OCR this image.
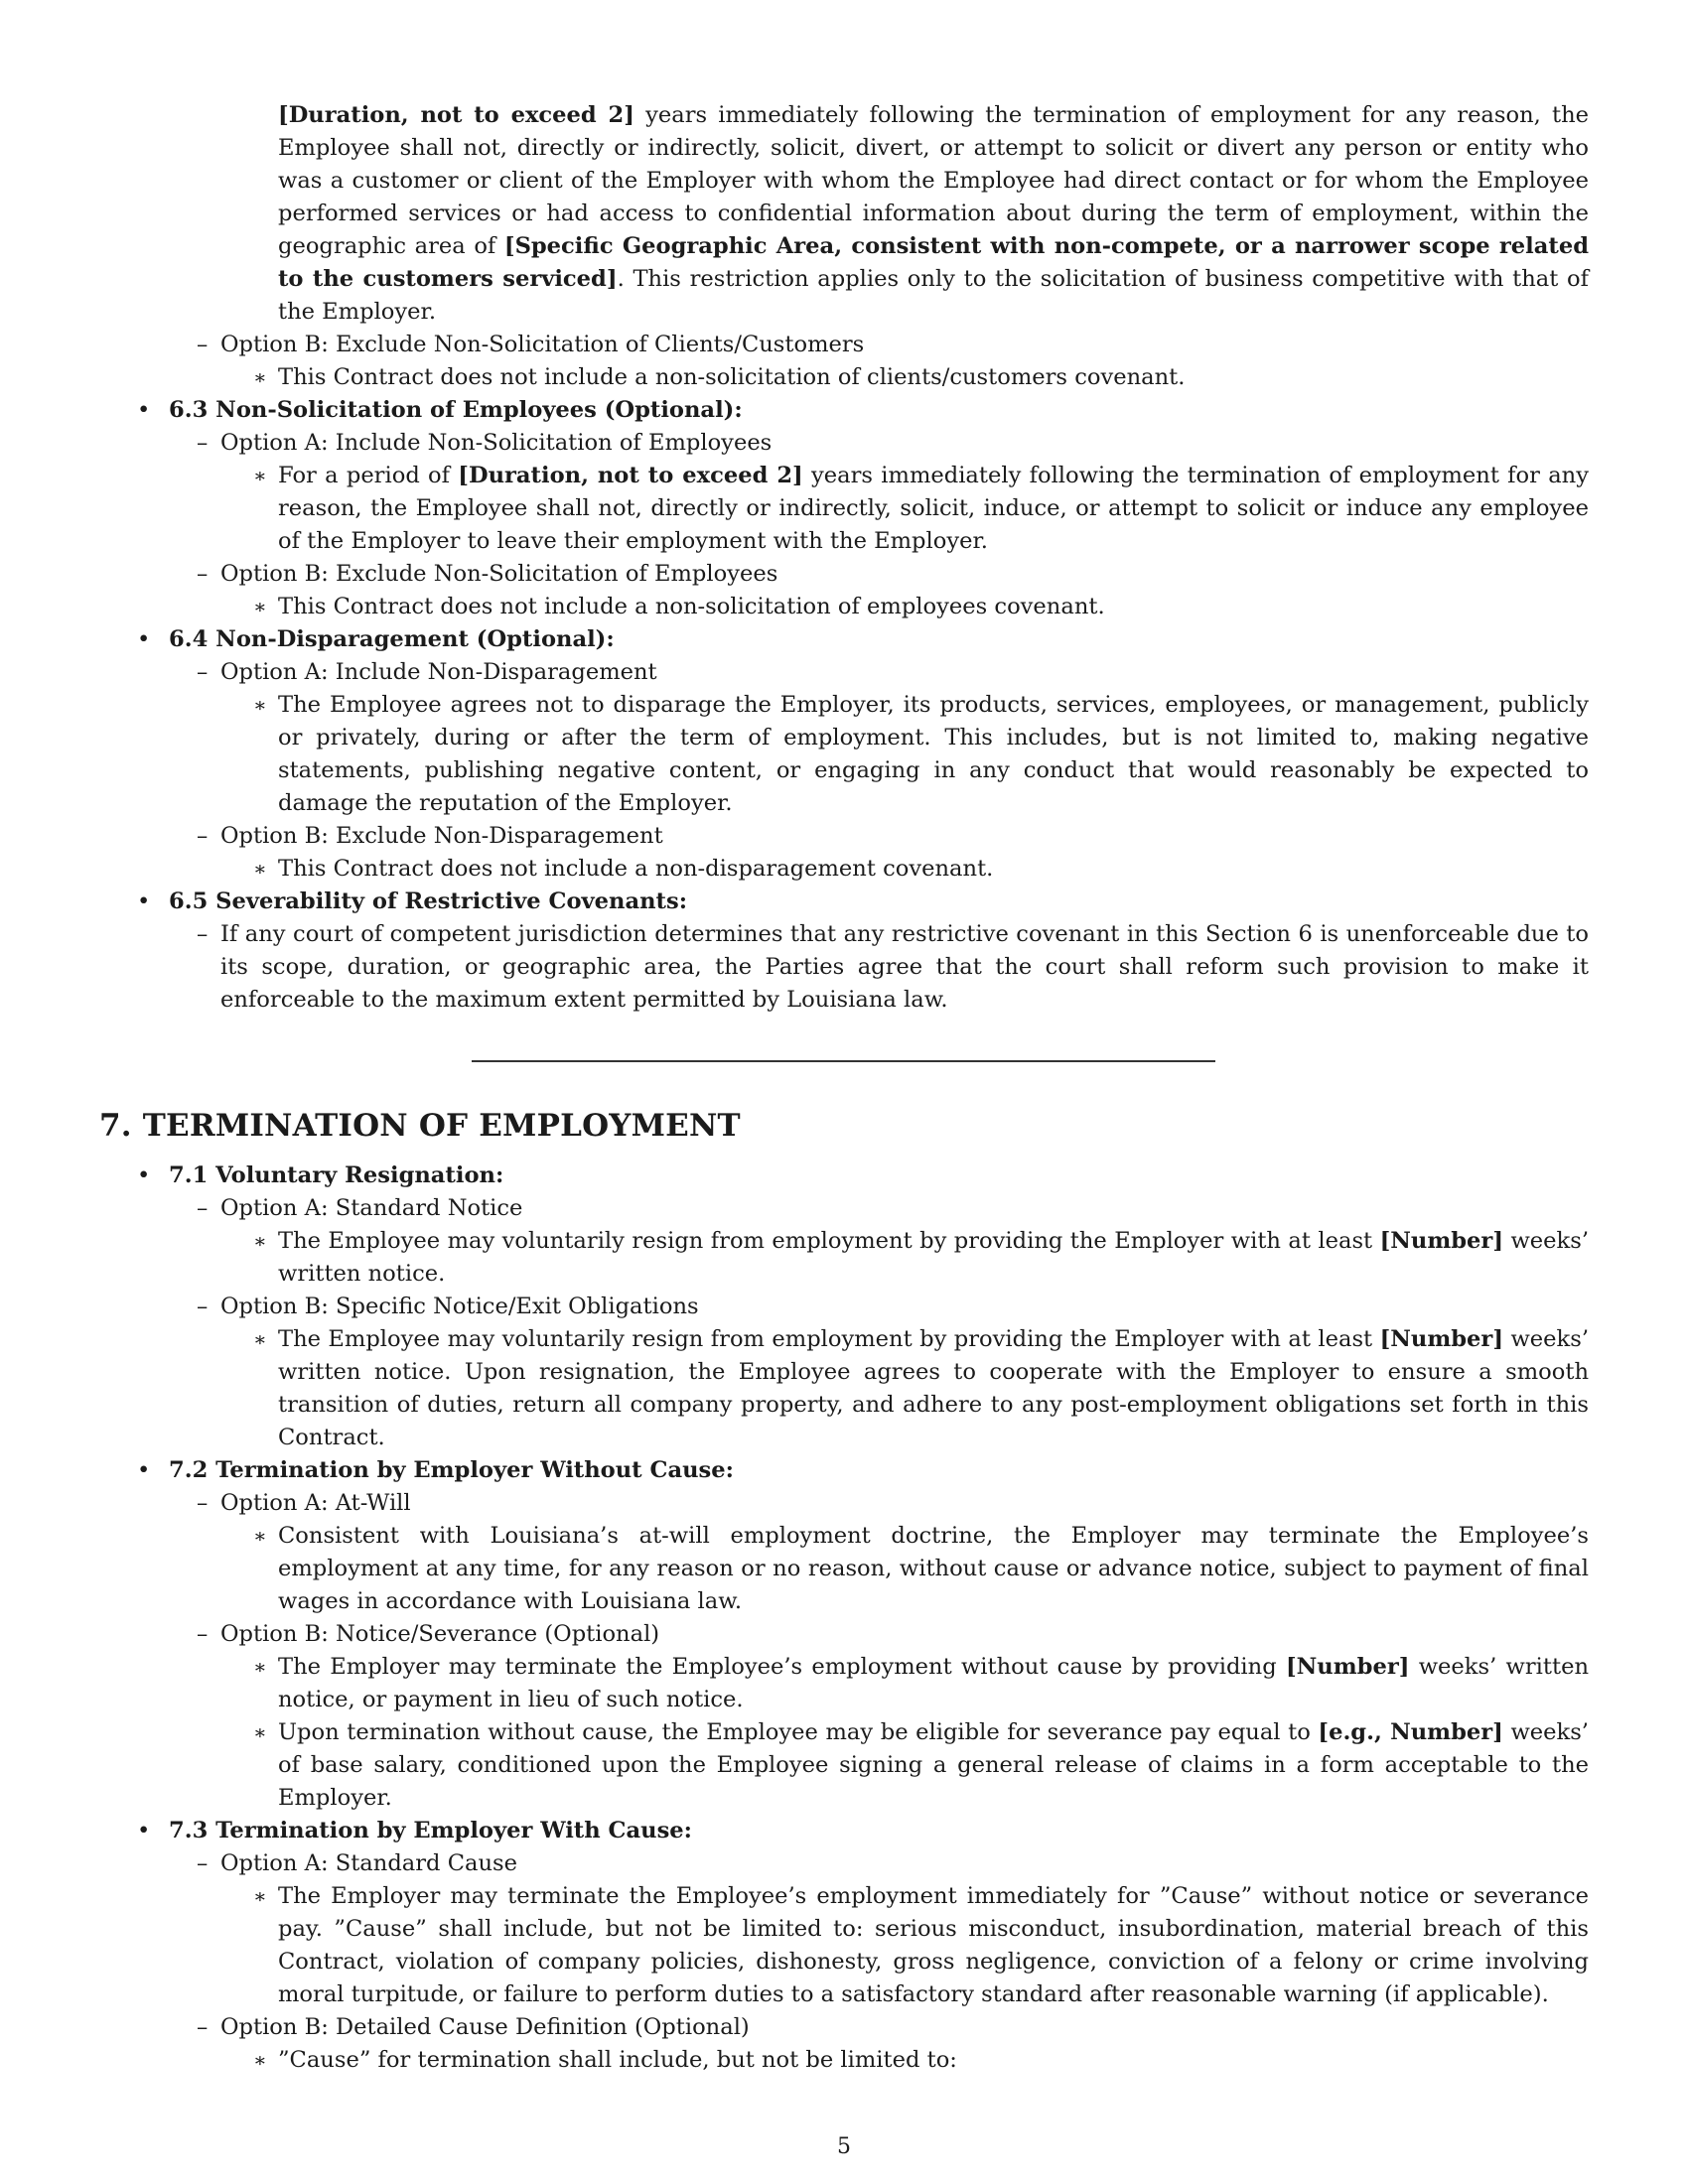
[Duration, not to exceed 2] years immediately following the termination of employment for any reason, the Employee shall not, directly or indirectly, solicit, divert, or attempt to solicit or divert any person or entity who was a customer or client of the Employer with whom the Employee had direct contact or for whom the Employee performed services or had access to confidential information about during the term of employment, within the geographic area of [Specific Geographic Area, consistent with non-compete, or a narrower scope related to the customers serviced]. This restriction applies only to the solicitation of business competitive with that of the Employer.
– Option B: Exclude Non-Solicitation of Clients/Customers
∗ This Contract does not include a non-solicitation of clients/customers covenant.
• 6.3 Non-Solicitation of Employees (Optional):
– Option A: Include Non-Solicitation of Employees
∗ For a period of [Duration, not to exceed 2] years immediately following the termination of employment for any reason, the Employee shall not, directly or indirectly, solicit, induce, or attempt to solicit or induce any employee of the Employer to leave their employment with the Employer.
– Option B: Exclude Non-Solicitation of Employees
∗ This Contract does not include a non-solicitation of employees covenant.
• 6.4 Non-Disparagement (Optional):
– Option A: Include Non-Disparagement
∗ The Employee agrees not to disparage the Employer, its products, services, employees, or management, publicly or privately, during or after the term of employment. This includes, but is not limited to, making negative statements, publishing negative content, or engaging in any conduct that would reasonably be expected to damage the reputation of the Employer.
– Option B: Exclude Non-Disparagement
∗ This Contract does not include a non-disparagement covenant.
• 6.5 Severability of Restrictive Covenants:
– If any court of competent jurisdiction determines that any restrictive covenant in this Section 6 is unenforceable due to its scope, duration, or geographic area, the Parties agree that the court shall reform such provision to make it enforceable to the maximum extent permitted by Louisiana law.
7. TERMINATION OF EMPLOYMENT
• 7.1 Voluntary Resignation:
– Option A: Standard Notice
∗ The Employee may voluntarily resign from employment by providing the Employer with at least [Number] weeks’ written notice.
– Option B: Specific Notice/Exit Obligations
∗ The Employee may voluntarily resign from employment by providing the Employer with at least [Number] weeks’ written notice. Upon resignation, the Employee agrees to cooperate with the Employer to ensure a smooth transition of duties, return all company property, and adhere to any post-employment obligations set forth in this Contract.
• 7.2 Termination by Employer Without Cause:
– Option A: At-Will
∗ Consistent with Louisiana’s at-will employment doctrine, the Employer may terminate the Employee’s employment at any time, for any reason or no reason, without cause or advance notice, subject to payment of final wages in accordance with Louisiana law.
– Option B: Notice/Severance (Optional)
∗ The Employer may terminate the Employee’s employment without cause by providing [Number] weeks’ written notice, or payment in lieu of such notice.
∗ Upon termination without cause, the Employee may be eligible for severance pay equal to [e.g., Number] weeks’ of base salary, conditioned upon the Employee signing a general release of claims in a form acceptable to the Employer.
• 7.3 Termination by Employer With Cause:
– Option A: Standard Cause
∗ The Employer may terminate the Employee’s employment immediately for ”Cause” without notice or severance pay. ”Cause” shall include, but not be limited to: serious misconduct, insubordination, material breach of this Contract, violation of company policies, dishonesty, gross negligence, conviction of a felony or crime involving moral turpitude, or failure to perform duties to a satisfactory standard after reasonable warning (if applicable).
– Option B: Detailed Cause Definition (Optional)
∗ ”Cause” for termination shall include, but not be limited to:
5
